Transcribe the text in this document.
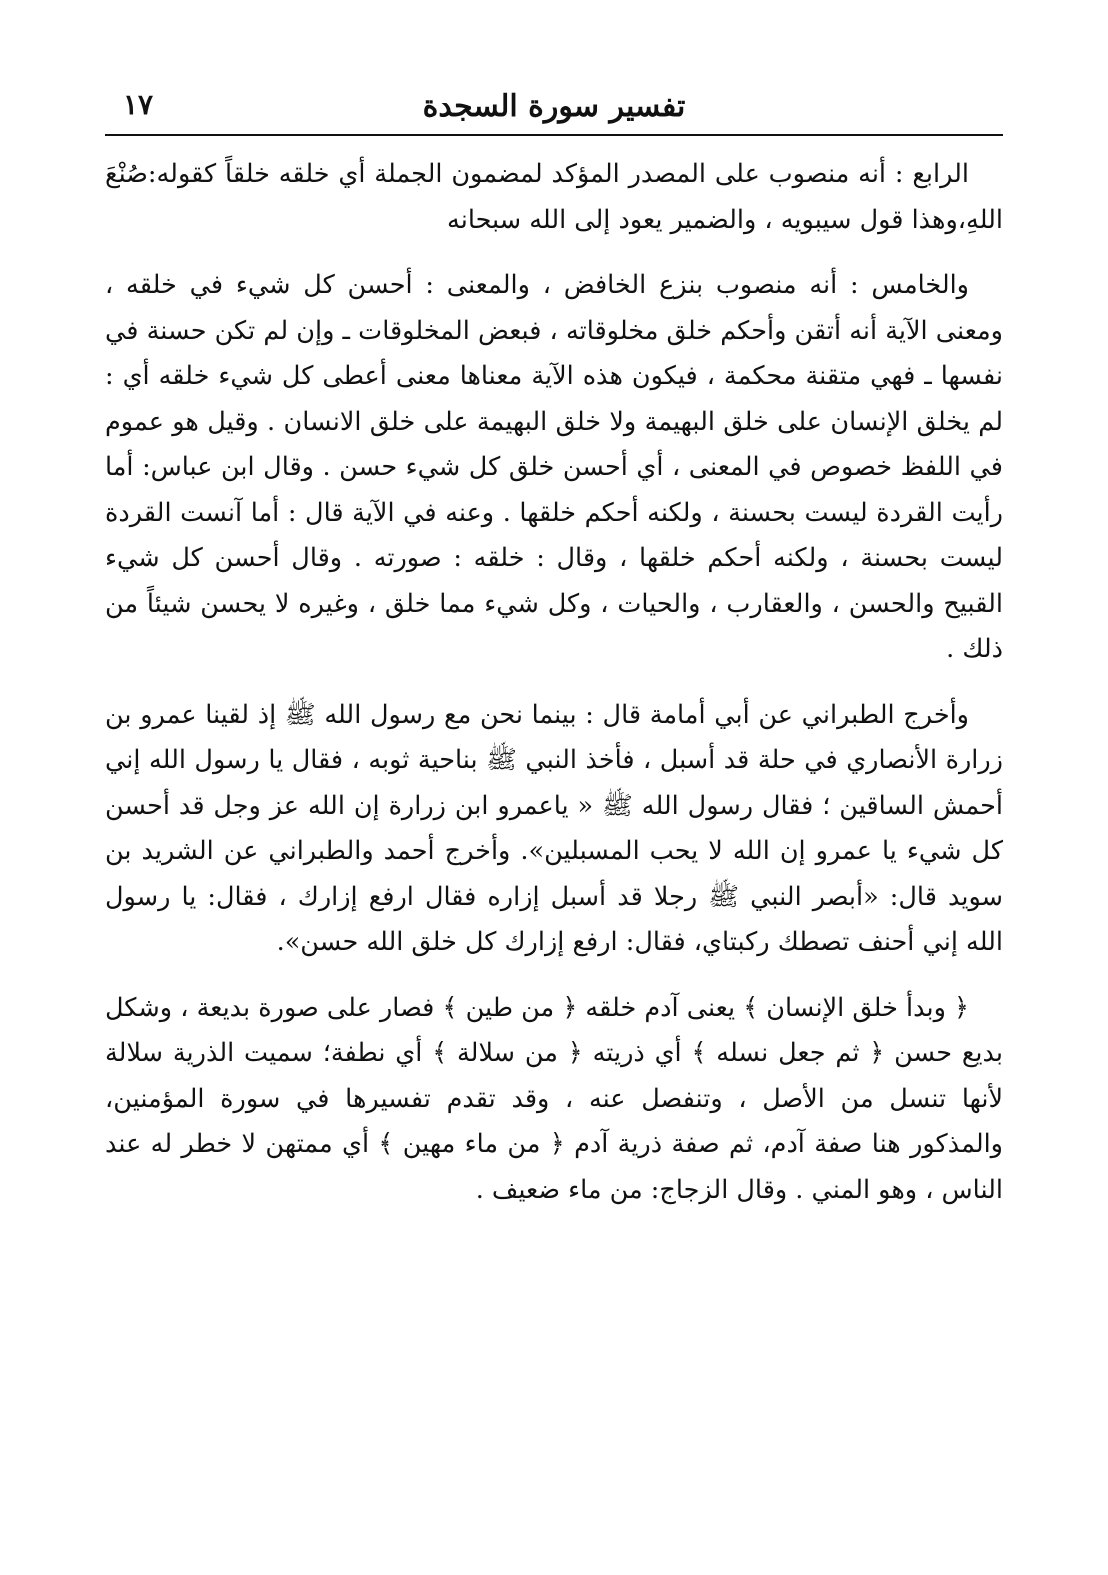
تفسير سورة السجدة
١٧

الرابع : أنه منصوب على المصدر المؤكد لمضمون الجملة أي خلقه خلقاً كقوله:صُنْعَ اللهِ،وهذا قول سيبويه ، والضمير يعود إلى الله سبحانه

والخامس : أنه منصوب بنزع الخافض ، والمعنى : أحسن كل شيء في خلقه ، ومعنى الآية أنه أتقن وأحكم خلق مخلوقاته ، فبعض المخلوقات ـ وإن لم تكن حسنة في نفسها ـ فهي متقنة محكمة ، فيكون هذه الآية معناها معنى أعطى كل شيء خلقه أي : لم يخلق الإنسان على خلق البهيمة ولا خلق البهيمة على خلق الانسان . وقيل هو عموم في اللفظ خصوص في المعنى ، أي أحسن خلق كل شيء حسن . وقال ابن عباس: أما رأيت القردة ليست بحسنة ، ولكنه أحكم خلقها . وعنه في الآية قال : أما آنست القردة ليست بحسنة ، ولكنه أحكم خلقها ، وقال : خلقه : صورته . وقال أحسن كل شيء القبيح والحسن ، والعقارب ، والحيات ، وكل شيء مما خلق ، وغيره لا يحسن شيئاً من ذلك .

وأخرج الطبراني عن أبي أمامة قال : بينما نحن مع رسول الله ﷺ إذ لقينا عمرو بن زرارة الأنصاري في حلة قد أسبل ، فأخذ النبي ﷺ بناحية ثوبه ، فقال يا رسول الله إني أحمش الساقين ؛ فقال رسول الله ﷺ « ياعمرو ابن زرارة إن الله عز وجل قد أحسن كل شيء يا عمرو إن الله لا يحب المسبلين». وأخرج أحمد والطبراني عن الشريد بن سويد قال: «أبصر النبي ﷺ رجلا قد أسبل إزاره فقال ارفع إزارك ، فقال: يا رسول الله إني أحنف تصطك ركبتاي، فقال: ارفع إزارك كل خلق الله حسن».

﴿ وبدأ خلق الإنسان ﴾ يعنى آدم خلقه ﴿ من طين ﴾ فصار على صورة بديعة ، وشكل بديع حسن ﴿ ثم جعل نسله ﴾ أي ذريته ﴿ من سلالة ﴾ أي نطفة؛ سميت الذرية سلالة لأنها تنسل من الأصل ، وتنفصل عنه ، وقد تقدم تفسيرها في سورة المؤمنين، والمذكور هنا صفة آدم، ثم صفة ذرية آدم ﴿ من ماء مهين ﴾ أي ممتهن لا خطر له عند الناس ، وهو المني . وقال الزجاج: من ماء ضعيف .
